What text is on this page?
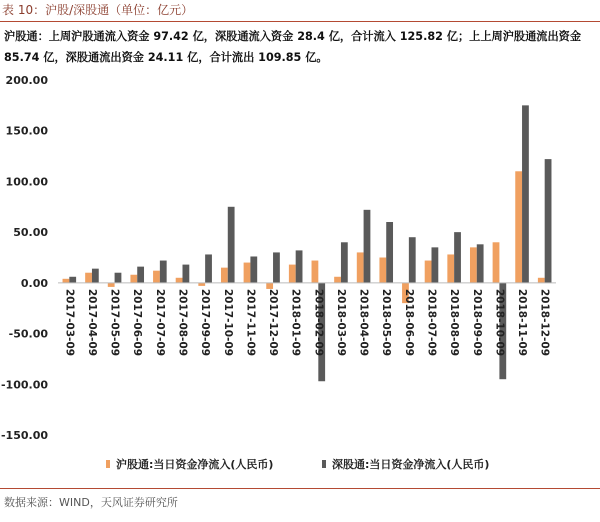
表 10：沪股/深股通（单位：亿元）
沪股通：上周沪股通流入资金 97.42 亿，深股通流入资金 28.4 亿，合计流入 125.82 亿；上上周沪股通流出资金 85.74 亿，深股通流出资金 24.11 亿，合计流出 109.85 亿。
200.00
150.00
100.00
50.00
0.00
-50.00
-100.00
-150.00
2017-03-09 2017-04-09 2017-05-09 2017-06-09 2017-07-09 2017-08-09 2017-09-09 2017-10-09 2017-11-09 2017-12-09 2018-01-09 2018-02-09 2018-03-09 2018-04-09 2018-05-09 2018-06-09 2018-07-09 2018-08-09 2018-09-09 2018-10-09 2018-11-09 2018-12-09
沪股通:当日资金净流入(人民币)	深股通:当日资金净流入(人民币)
数据来源：WIND，天风证券研究所
